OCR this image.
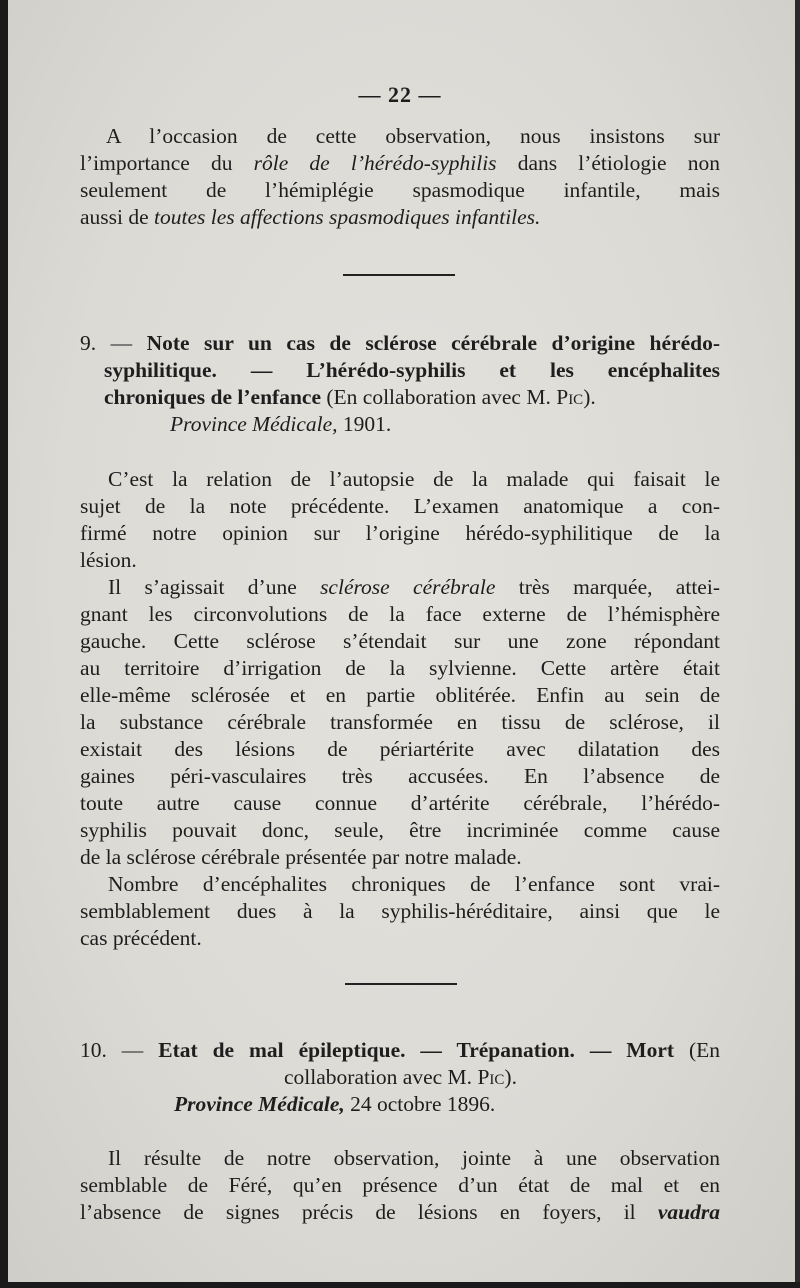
— 22 —
A l’occasion de cette observation, nous insistons sur
l’importance du rôle de l’hérédo-syphilis dans l’étiologie non
seulement de l’hémiplégie spasmodique infantile, mais
aussi de toutes les affections spasmodiques infantiles.
9. — Note sur un cas de sclérose cérébrale d’origine hérédo-
syphilitique. — L’hérédo-syphilis et les encéphalites
chroniques de l’enfance (En collaboration avec M. Pic).
Province Médicale, 1901.
C’est la relation de l’autopsie de la malade qui faisait le
sujet de la note précédente. L’examen anatomique a con-
firmé notre opinion sur l’origine hérédo-syphilitique de la
lésion.
Il s’agissait d’une sclérose cérébrale très marquée, attei-
gnant les circonvolutions de la face externe de l’hémisphère
gauche. Cette sclérose s’étendait sur une zone répondant
au territoire d’irrigation de la sylvienne. Cette artère était
elle-même sclérosée et en partie oblitérée. Enfin au sein de
la substance cérébrale transformée en tissu de sclérose, il
existait des lésions de périartérite avec dilatation des
gaines péri-vasculaires très accusées. En l’absence de
toute autre cause connue d’artérite cérébrale, l’hérédo-
syphilis pouvait donc, seule, être incriminée comme cause
de la sclérose cérébrale présentée par notre malade.
Nombre d’encéphalites chroniques de l’enfance sont vrai-
semblablement dues à la syphilis-héréditaire, ainsi que le
cas précédent.
10. — Etat de mal épileptique. — Trépanation. — Mort (En
collaboration avec M. Pic).
Province Médicale, 24 octobre 1896.
Il résulte de notre observation, jointe à une observation
semblable de Féré, qu’en présence d’un état de mal et en
l’absence de signes précis de lésions en foyers, il vaudra
